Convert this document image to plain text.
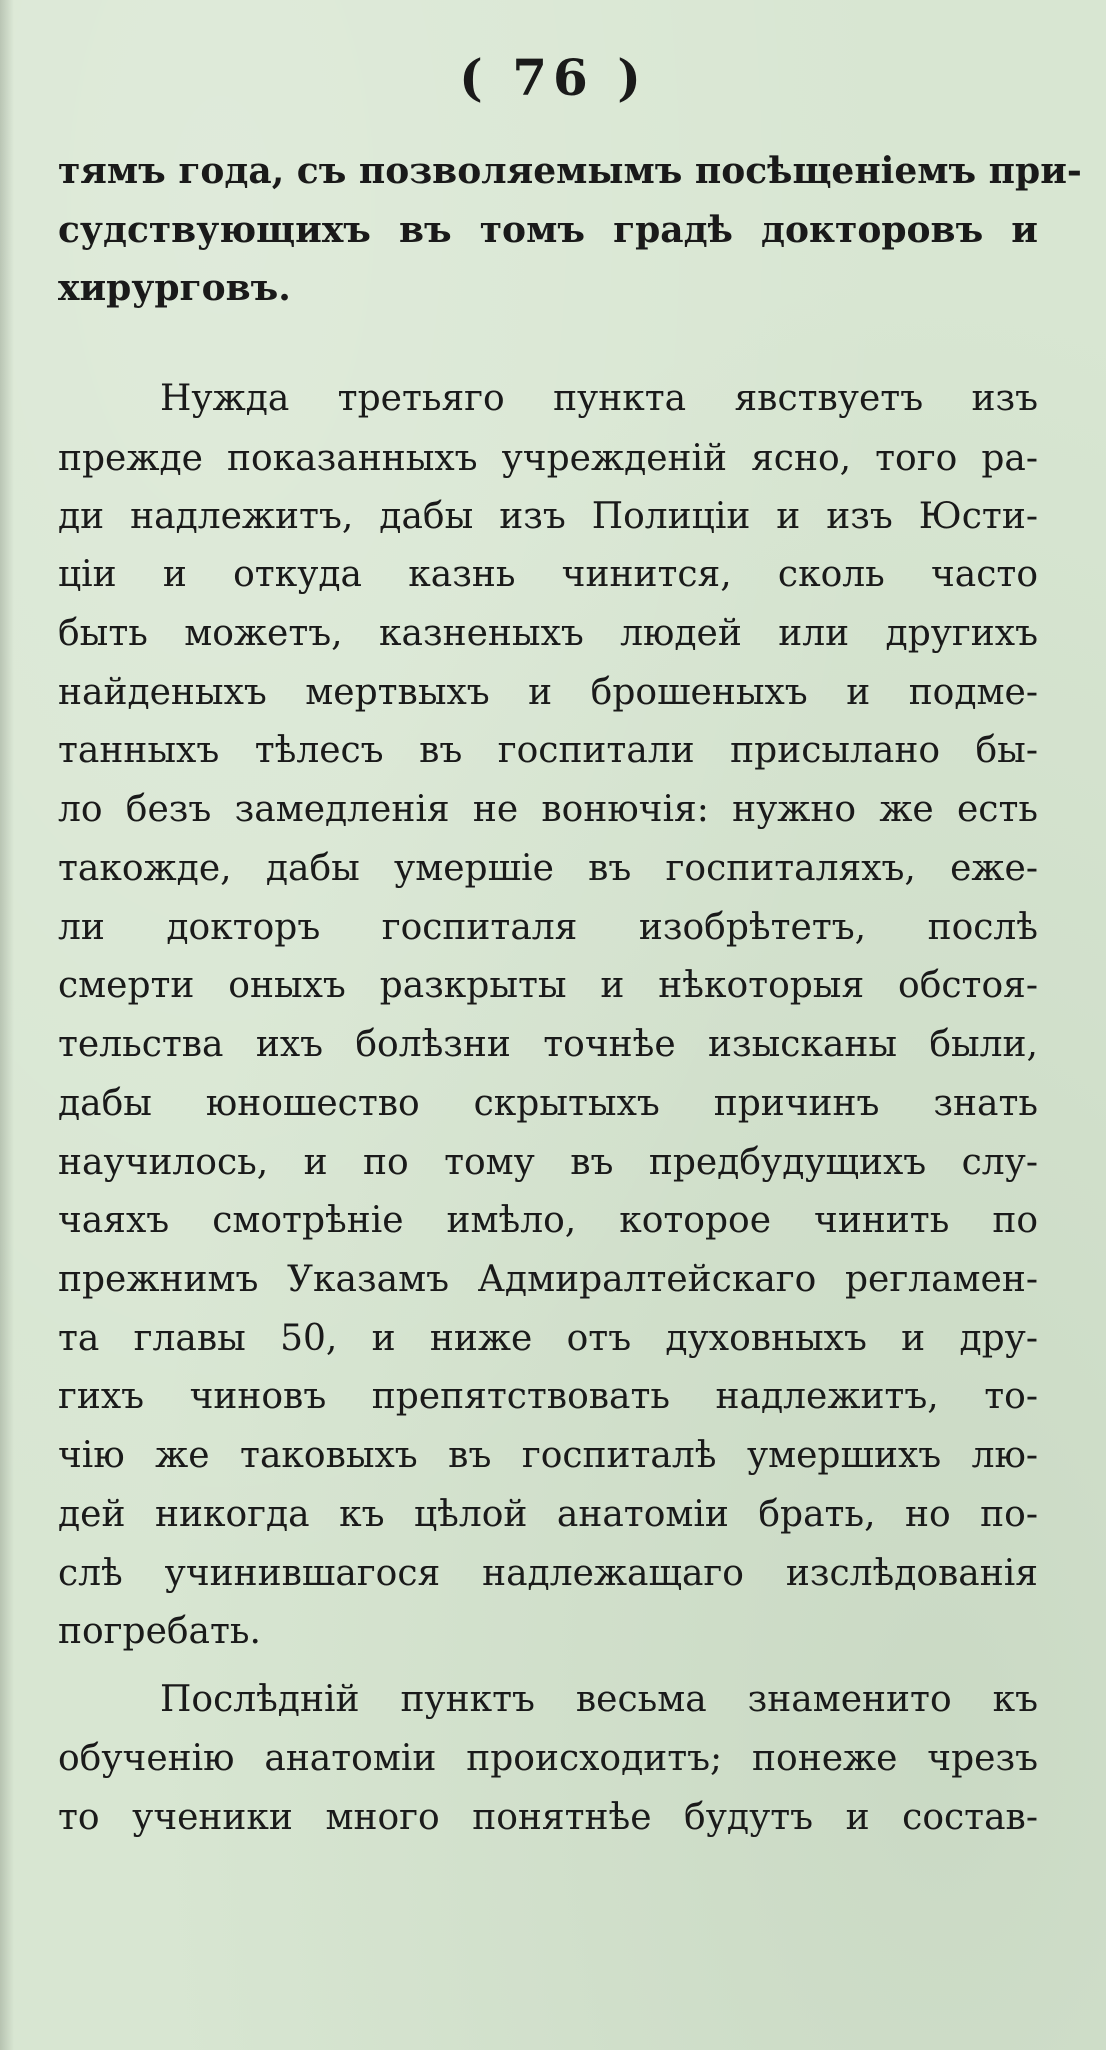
( 76 )
тямъ года, съ позволяемымъ посѣщеніемъ при-
судствующихъ въ томъ градѣ докторовъ и
хирурговъ.
Нужда третьяго пункта явствуетъ изъ
прежде показанныхъ учрежденій ясно, того ра-
ди надлежитъ, дабы изъ Полиціи и изъ Юсти-
ціи и откуда казнь чинится, сколь часто
быть можетъ, казненыхъ людей или другихъ
найденыхъ мертвыхъ и брошеныхъ и подме-
танныхъ тѣлесъ въ госпитали присылано бы-
ло безъ замедленія не вонючія: нужно же есть
такожде, дабы умершіе въ госпиталяхъ, еже-
ли докторъ госпиталя изобрѣтетъ, послѣ
смерти оныхъ разкрыты и нѣкоторыя обстоя-
тельства ихъ болѣзни точнѣе изысканы были,
дабы юношество скрытыхъ причинъ знать
научилось, и по тому въ предбудущихъ слу-
чаяхъ смотрѣніе имѣло, которое чинить по
прежнимъ Указамъ Адмиралтейскаго регламен-
та главы 50, и ниже отъ духовныхъ и дру-
гихъ чиновъ препятствовать надлежитъ, то-
чію же таковыхъ въ госпиталѣ умершихъ лю-
дей никогда къ цѣлой анатоміи брать, но по-
слѣ учинившагося надлежащаго изслѣдованія
погребать.
Послѣдній пунктъ весьма знаменито къ
обученію анатоміи происходитъ; понеже чрезъ
то ученики много понятнѣе будутъ и состав-
